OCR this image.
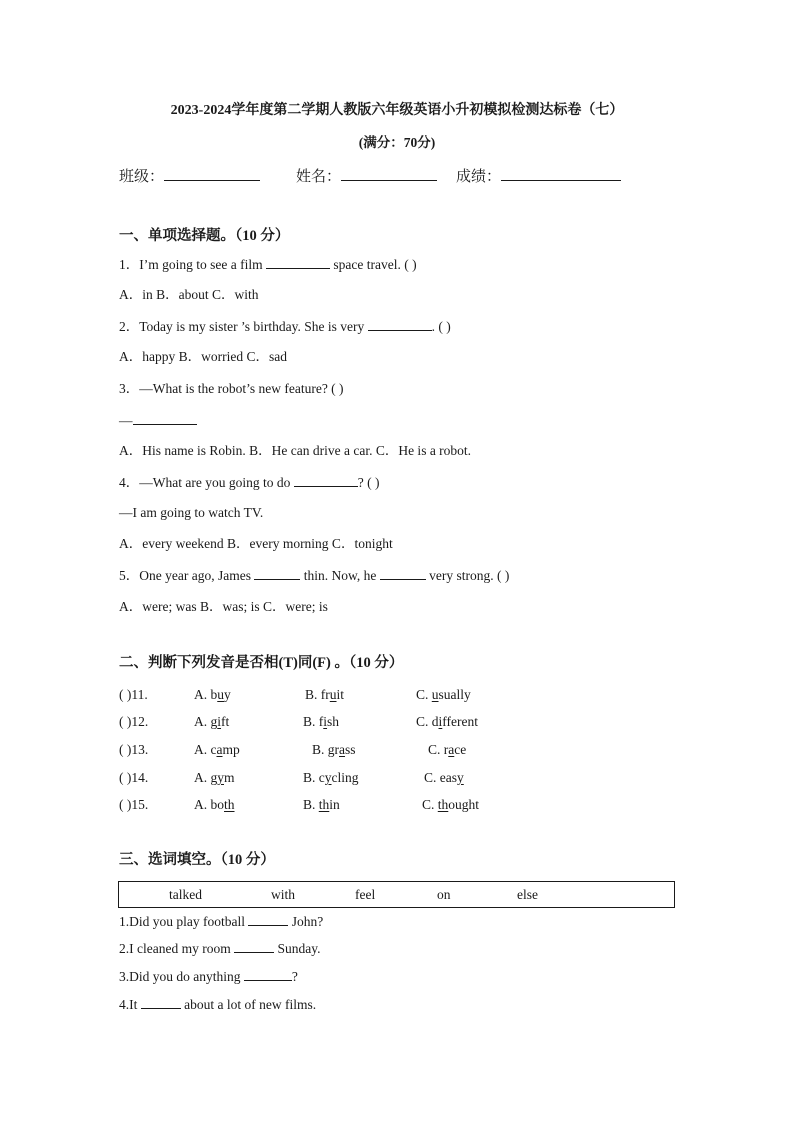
2023-2024学年度第二学期人教版六年级英语小升初模拟检测达标卷（七）
(满分：70分)
班级：	姓名：	成绩：
一、单项选择题。（10 分）
1．I’m going to see a film	space travel. ( )
A．in B．about C．with
2．Today is my sister ’s birthday. She is very	. ( )
A．happy B．worried C．sad
3．—What is the robot’s new feature? ( )
—
A．His name is Robin. B．He can drive a car. C．He is a robot.
4．—What are you going to do	? ( )
—I am going to watch TV.
A．every weekend B．every morning C．tonight
5．One year ago, James	thin. Now, he	very strong. ( )
A．were; was B．was; is C．were; is
二、判断下列发音是否相(T)同(F) 。（10 分）
( )11.	A. buy	B. fruit	C. usually
( )12.	A. gift	B. fish	C. different
( )13.	A. camp	B. grass	C. race
( )14.	A. gym	B. cycling	C. easy
( )15.	A. both	B. thin	C. thought
三、选词填空。（10 分）
talked	with	feel	on	else
1.Did you play football	John?
2.I cleaned my room	Sunday.
3.Did you do anything	?
4.It	about a lot of new films.
